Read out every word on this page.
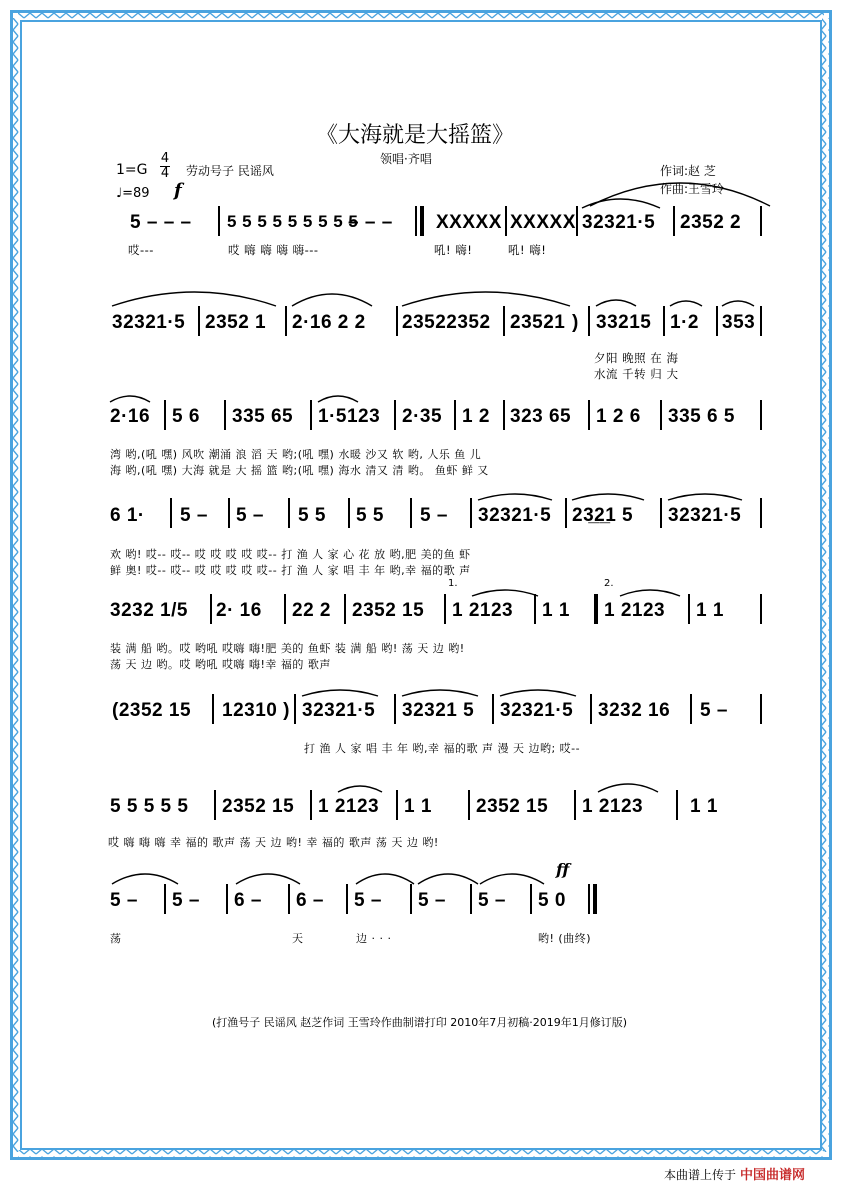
《大海就是大摇篮》
领唱·齐唱
1=G
4
4 劳动号子 民谣风
♩=89 f
作词:赵 芝
作曲:王雪玲
5 – – – 5 5 5 5 5 5 5 5 5
– – – XXXXX XXXXX 32321·5 2352 2
哎---	哎 嗨 嗨 嗨 嗨---	吼! 嗨!	吼! 嗨!
32321·5 2352 1 2·16 2 2 23522352 23521 ) 33215 1·2 353
夕阳 晚照 在 海
水流 千转 归 大
2·16 5 6 335 65 1·5123 2·35 1 2 323 65 1 2 6 335 6 5
湾 哟,(吼 嘿) 风吹 潮涌 浪 滔 天 哟;(吼 嘿) 水暖 沙又 软 哟, 人乐 鱼 儿
海 哟,(吼 嘿) 大海 就是 大 摇 篮 哟;(吼 嘿) 海水 清又 清 哟。 鱼虾 鲜 又
6 1· 5 – 5 – 5 5 5 5 5 – 32321·5 23̲2̲1 5 32321·5
欢 哟! 哎-- 哎-- 哎 哎 哎 哎 哎-- 打 渔 人 家 心 花 放 哟,肥 美的鱼 虾
鲜 奥! 哎-- 哎-- 哎 哎 哎 哎 哎-- 打 渔 人 家 唱 丰 年 哟,幸 福的歌 声
3232 1/5 2· 16 22 2 2352 15 1 2123 1 1 1 2123 1 1
1.	2.
装 满 船 哟。哎 哟吼 哎嗨 嗨!肥 美的 鱼虾 装 满 船 哟! 荡 天 边 哟!
荡 天 边 哟。哎 哟吼 哎嗨 嗨!幸 福的 歌声
(2352 15 12310 ) 32321·5 32321 5 32321·5 3232 16 5 –
打 渔 人 家 唱 丰 年 哟,幸 福的歌 声 漫 天 边哟; 哎--
5 5 5 5 5 2352 15 1 2123 1 1 2352 15 1 2123 1 1
哎 嗨 嗨 嗨 幸 福的 歌声 荡 天 边 哟! 幸 福的 歌声 荡 天 边 哟!
ff
5 – 5 – 6 – 6 – 5 – 5 – 5 – 5 0
荡	天	边 · · ·	哟! (曲终)
(打渔号子 民谣风 赵芝作词 王雪玲作曲制谱打印 2010年7月初稿·2019年1月修订版)
本曲谱上传于 中国曲谱网
